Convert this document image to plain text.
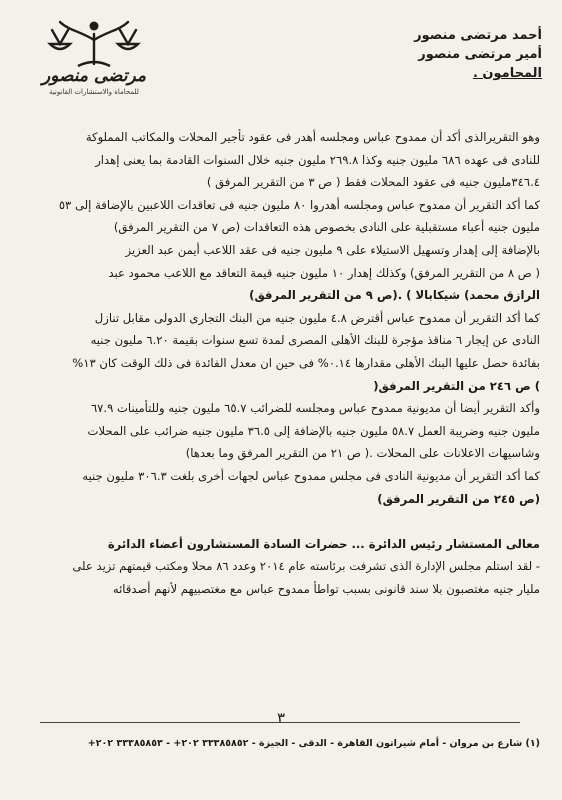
أحمد مرتضى منصور
أمير مرتضى منصور
المحامون .
مرتضى منصور
للمحاماة والاستشارات القانونية
وهو التقريرالذى أكد أن ممدوح عباس ومجلسه أهدر فى عقود تأجير المحلات والمكاتب المملوكة
للنادى فى عهده ٦٨٦ مليون جنيه وكذا ٢٦٩.٨ مليون جنيه خلال السنوات القادمة بما يعنى إهدار
٣٤٦.٤مليون جنيه فى عقود المحلات فقط ( ص ٣ من التقرير المرفق )
كما أكد التقرير أن ممدوح عباس ومجلسه أهدروا ٨٠ مليون جنيه فى تعاقدات اللاعبين بالإضافة إلى ٥٣
مليون جنيه أعباء مستقبلية على النادى بخصوص هذه التعاقدات (ص ٧ من التقرير المرفق)
بالإضافة إلى إهدار وتسهيل الاستيلاء على ٩ مليون جنيه فى عقد اللاعب أيمن عبد العزيز
( ص ٨ من التقرير المرفق) وكذلك إهدار ١٠ مليون جنيه قيمة التعاقد مع اللاعب محمود عبد
الرازق محمد) شيكابالا ) .(ص ٩ من التقرير المرفق)
كما أكد التقرير أن ممدوح عباس أقترض ٤.٨ مليون جنيه من البنك التجارى الدولى مقابل تنازل
النادى عن إيجار ٦ مناقذ مؤجرة للبنك الأهلى المصرى لمدة تسع سنوات بقيمة ٦.٢٠ مليون جنيه
بفائدة حصل عليها البنك الأهلى مقدارها ٠.١٤% فى حين ان معدل الفائدة فى ذلك الوقت كان ١٣%
) ص ٢٤٦ من التقرير المرفق(
وأكد التقرير أيضا أن مديونية ممدوح عباس ومجلسه للضرائب ٦٥.٧ مليون جنيه وللتأمينات ٦٧.٩
مليون جنيه وضريبة العمل ٥٨.٧ مليون جنيه بالإضافة إلى ٣٦.٥ مليون جنيه ضرائب على المحلات
وشاسيهات الاعلانات على المحلات .( ص ٢١ من التقرير المرفق وما بعدها)
كما أكد التقرير أن مديونية النادى فى مجلس ممدوح عباس لجهات أخرى بلغت ٣٠٦.٣ مليون جنيه
(ص ٢٤٥ من التقرير المرفق)
معالى المستشار رئيس الدائرة ... حضرات السادة المستشارون أعضاء الدائرة
- لقد استلم مجلس الإدارة الذى تشرفت برئاسته عام ٢٠١٤ وعدد ٨٦ محلا ومكتب قيمتهم تزيد على
مليار جنيه مغتصبون بلا سند قانونى بسبب تواطأ ممدوح عباس مع مغتصبيهم لأنهم أصدقائه
٣
(١) شارع بن مروان - أمام شيراتون القاهرة - الدقى - الجيزة - ٣٣٣٨٥٨٥٢ ٢٠٢+ - ٣٣٣٨٥٨٥٣ ٢٠٢+
